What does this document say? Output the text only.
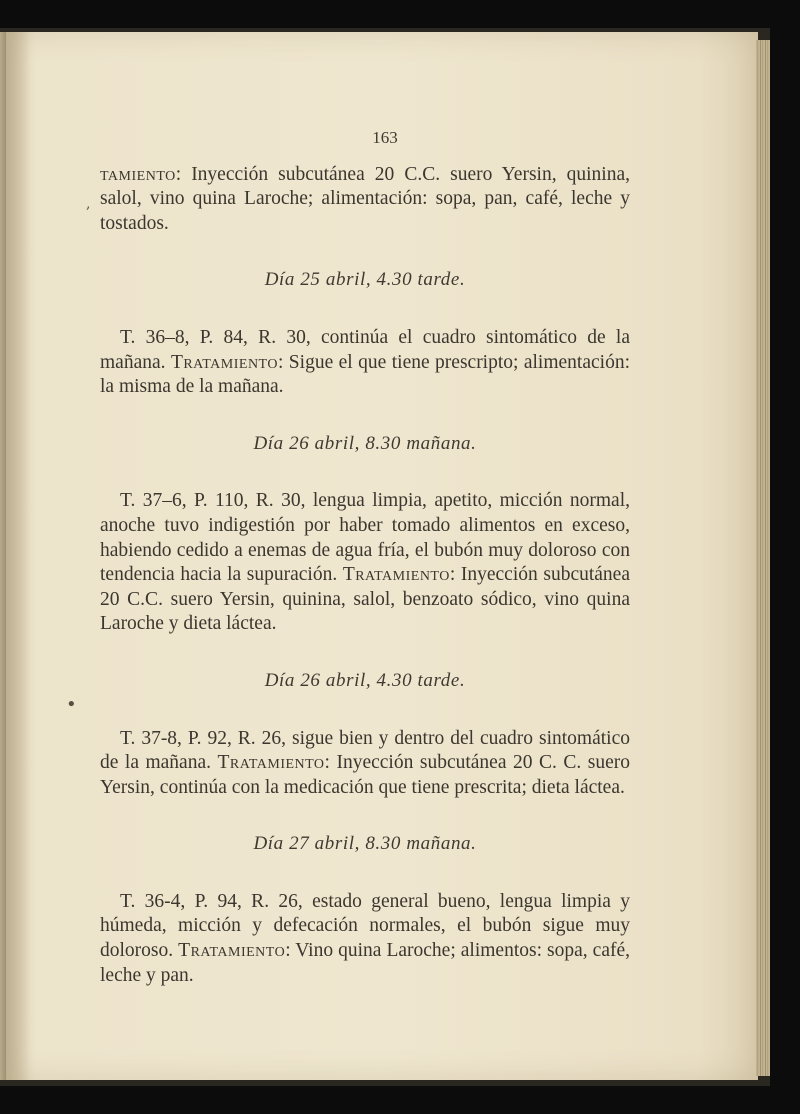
,
•
163

tamiento: Inyección subcutánea 20 C.C. suero Yersin, quinina, salol, vino quina Laroche; alimentación: sopa, pan, café, leche y tostados.

Día 25 abril, 4.30 tarde.

T. 36–8, P. 84, R. 30, continúa el cuadro sintomático de la mañana. Tratamiento: Sigue el que tiene prescripto; alimentación: la misma de la mañana.

Día 26 abril, 8.30 mañana.

T. 37–6, P. 110, R. 30, lengua limpia, apetito, micción normal, anoche tuvo indigestión por haber tomado alimentos en exceso, habiendo cedido a enemas de agua fría, el bubón muy doloroso con tendencia hacia la supuración. Tratamiento: Inyección subcutánea 20 C.C. suero Yersin, quinina, salol, benzoato sódico, vino quina Laroche y dieta láctea.

Día 26 abril, 4.30 tarde.

T. 37-8, P. 92, R. 26, sigue bien y dentro del cuadro sintomático de la mañana. Tratamiento: Inyección subcutánea 20 C. C. suero Yersin, continúa con la medicación que tiene prescrita; dieta láctea.

Día 27 abril, 8.30 mañana.

T. 36-4, P. 94, R. 26, estado general bueno, lengua limpia y húmeda, micción y defecación normales, el bubón sigue muy doloroso. Tratamiento: Vino quina Laroche; alimentos: sopa, café, leche y pan.
